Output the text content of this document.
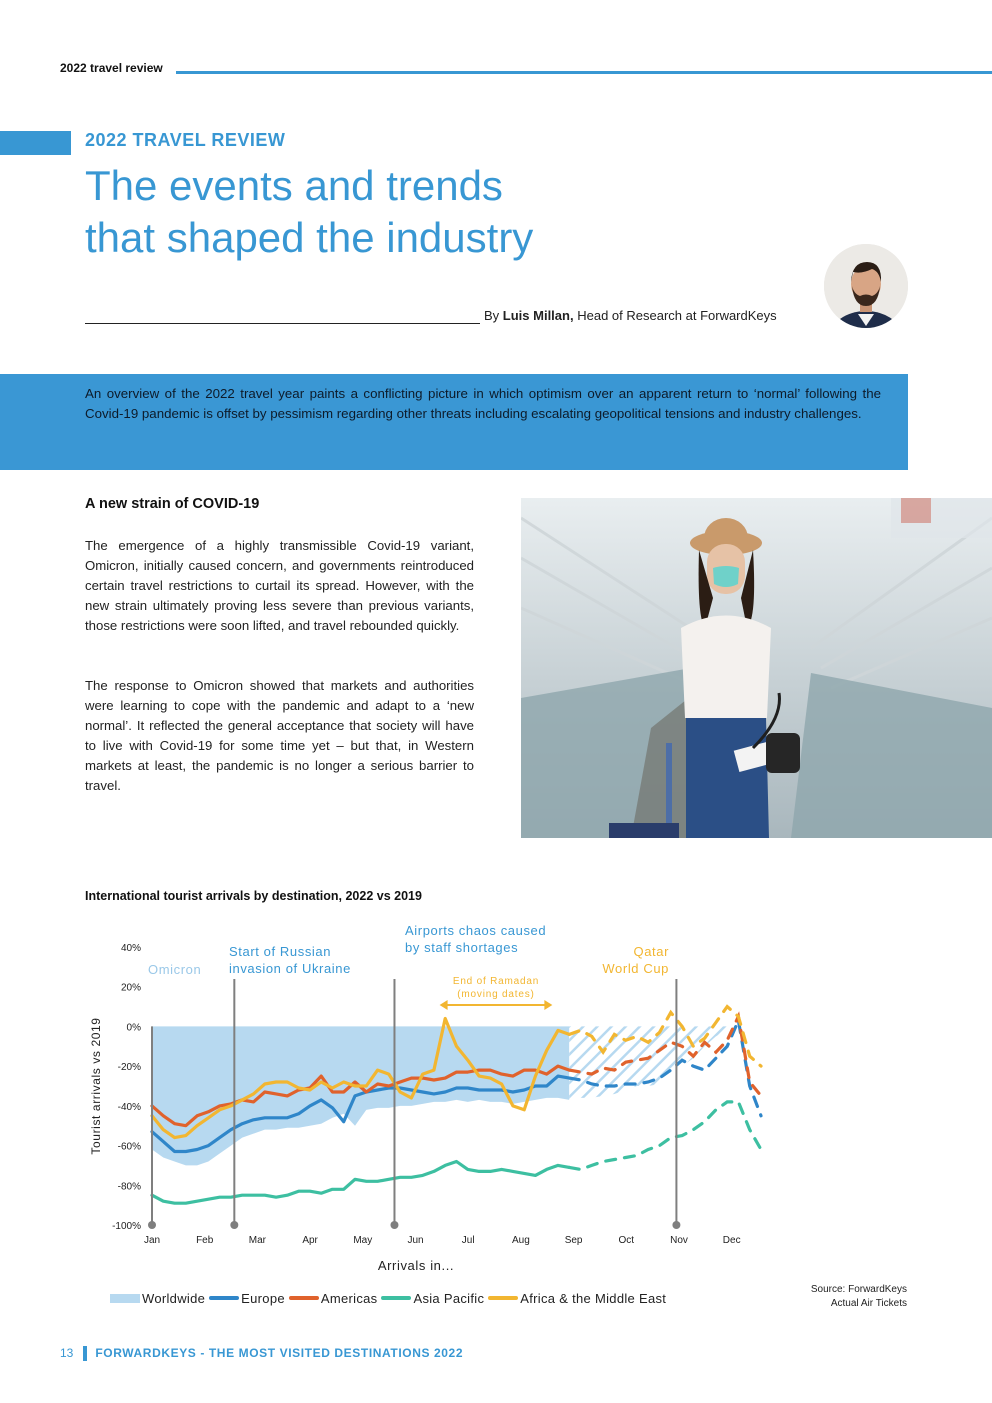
2022 travel review
2022 TRAVEL REVIEW
The events and trends
that shaped the industry
By Luis Millan, Head of Research at ForwardKeys

An overview of the 2022 travel year paints a conflicting picture in which optimism over an apparent return to ‘normal’ following the Covid-19 pandemic is offset by pessimism regarding other threats including escalating geopolitical tensions and industry challenges.

A new strain of COVID-19

The emergence of a highly transmissible Covid-19 variant, Omicron, initially caused concern, and governments reintroduced certain travel restrictions to curtail its spread. However, with the new strain ultimately proving less severe than previous variants, those restrictions were soon lifted, and travel rebounded quickly.

The response to Omicron showed that markets and authorities were learning to cope with the pandemic and adapt to a ‘new normal’. It reflected the general acceptance that society will have to live with Covid-19 for some time yet – but that, in Western markets at least, the pandemic is no longer a serious barrier to travel.

International tourist arrivals by destination, 2022 vs 2019
40%
20%
0%
-20%
-40%
-60%
-80%
-100%
Tourist arrivals vs 2019
Omicron
Start of Russian
invasion of Ukraine
Airports chaos caused
by staff shortages	Qatar
World Cup
End of Ramadan
(moving dates)
Jan	Feb	Mar	Apr	May	Jun	Jul	Aug	Sep	Oct	Nov	Dec
Arrivals in...
Worldwide	Europe	Americas	Asia Pacific	Africa & the Middle East
Source: ForwardKeys
Actual Air Tickets
13 FORWARDKEYS - THE MOST VISITED DESTINATIONS 2022
